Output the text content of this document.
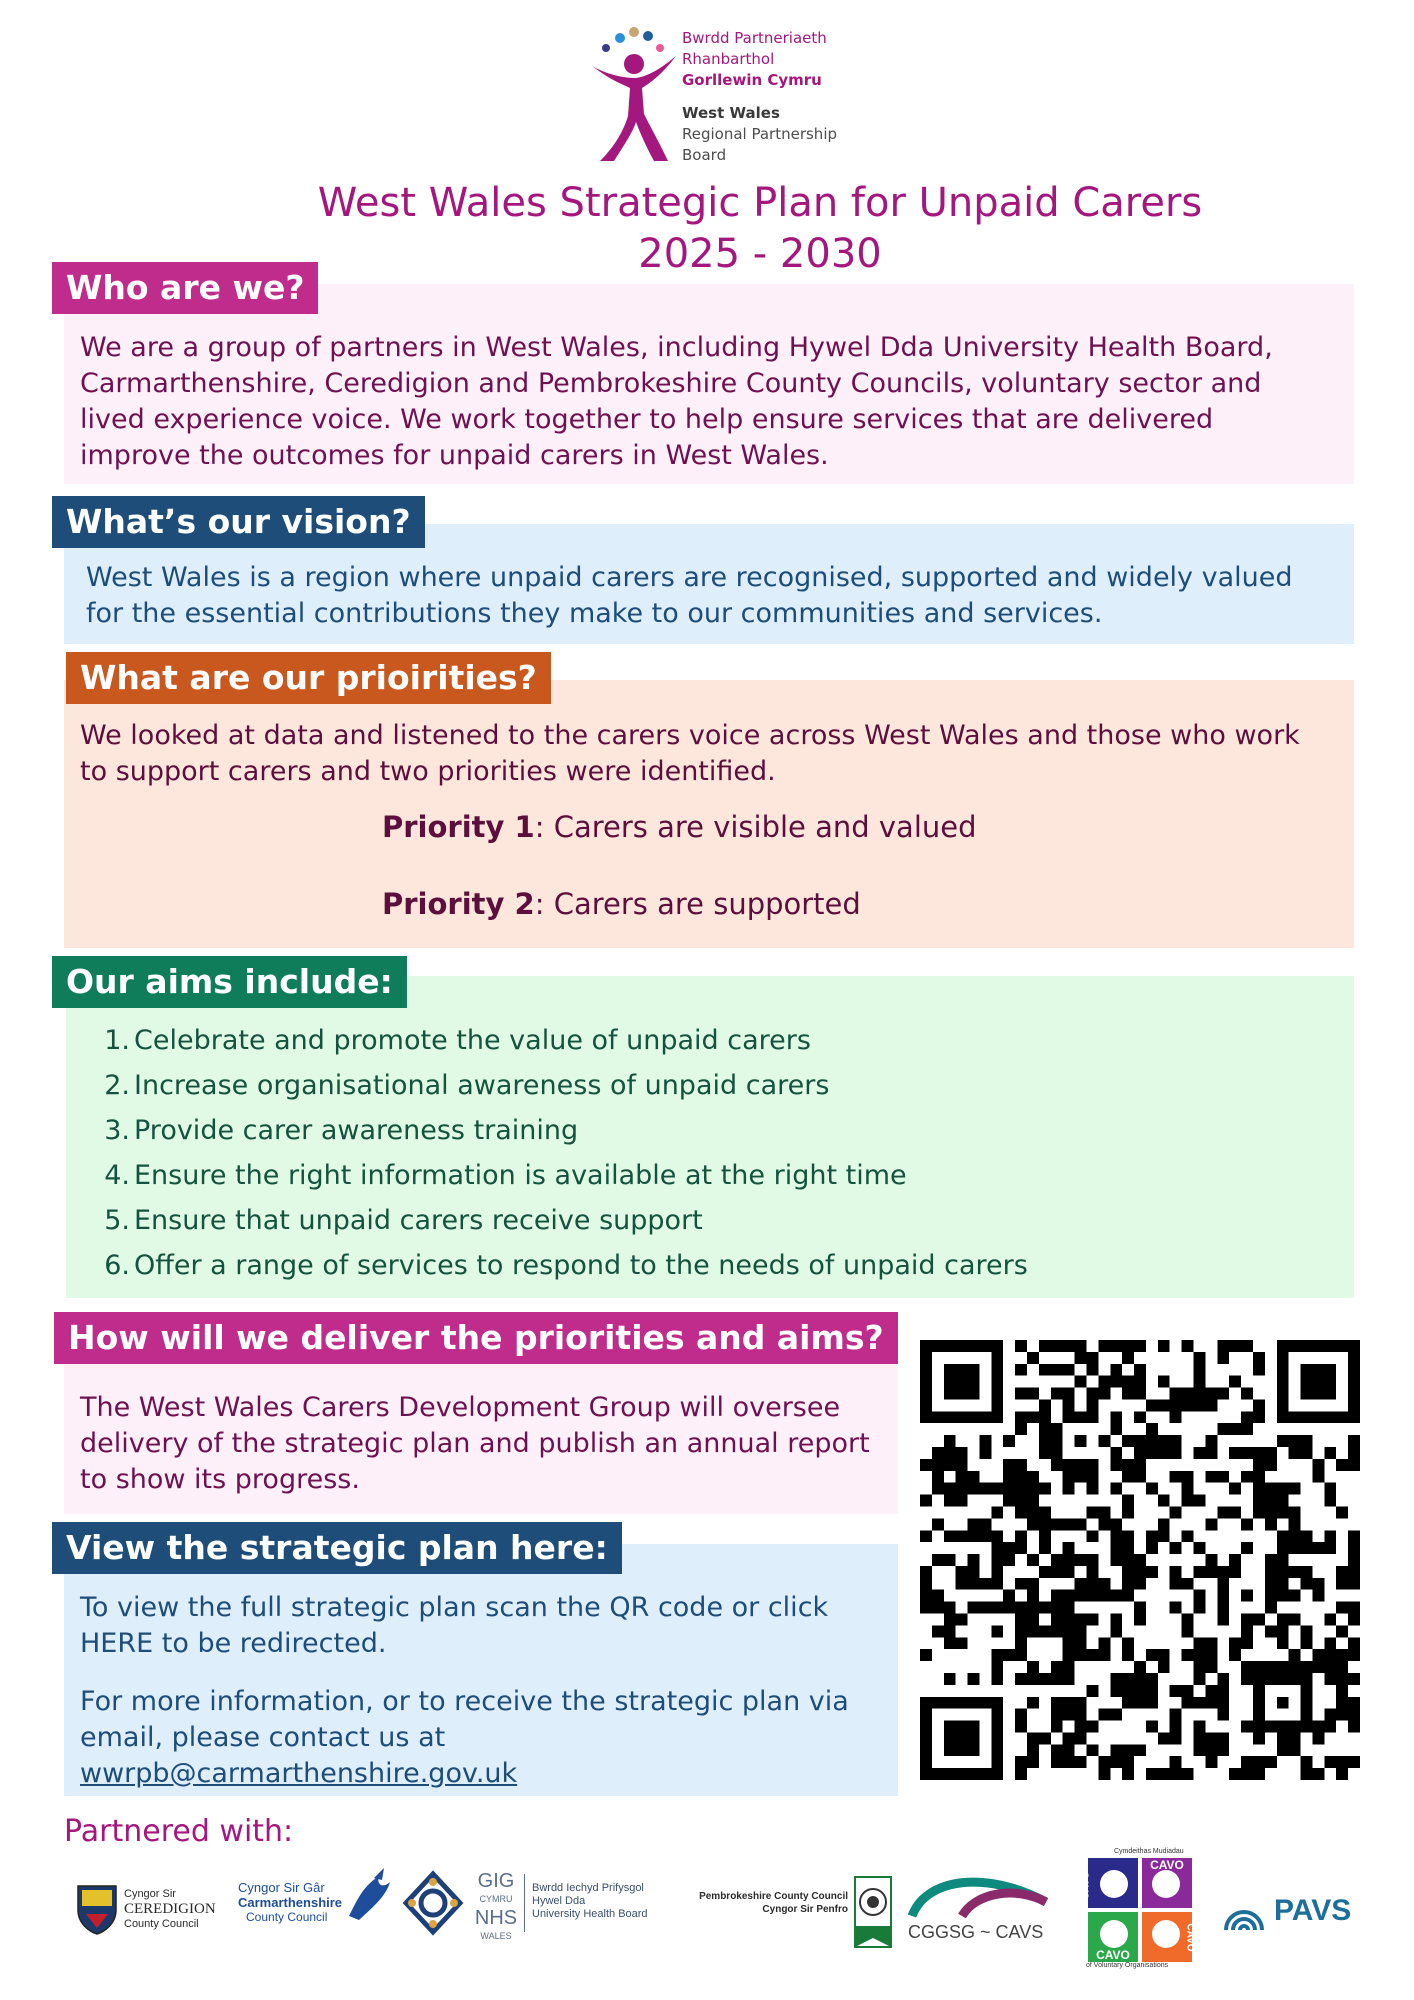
Bwrdd Partneriaeth
Rhanbarthol
Gorllewin Cymru
West Wales
Regional Partnership
Board
West Wales Strategic Plan for Unpaid Carers
2025 - 2030
Who are we?
We are a group of partners in West Wales, including Hywel Dda University Health Board,
Carmarthenshire, Ceredigion and Pembrokeshire County Councils, voluntary sector and
lived experience voice. We work together to help ensure services that are delivered
improve the outcomes for unpaid carers in West Wales.
What’s our vision?
West Wales is a region where unpaid carers are recognised, supported and widely valued
for the essential contributions they make to our communities and services.
What are our prioirities?
We looked at data and listened to the carers voice across West Wales and those who work
to support carers and two priorities were identified.
Priority 1: Carers are visible and valued
Priority 2: Carers are supported
Our aims include:
1. Celebrate and promote the value of unpaid carers
2. Increase organisational awareness of unpaid carers
3. Provide carer awareness training
4. Ensure the right information is available at the right time
5. Ensure that unpaid carers receive support
6. Offer a range of services to respond to the needs of unpaid carers
How will we deliver the priorities and aims?
The West Wales Carers Development Group will oversee
delivery of the strategic plan and publish an annual report
to show its progress.
View the strategic plan here:
To view the full strategic plan scan the QR code or click
HERE to be redirected.
For more information, or to receive the strategic plan via
email, please contact us at
wwrpb@carmarthenshire.gov.uk
Partnered with:
Cyngor Sir
CEREDIGION
County Council
Cyngor Sir Gâr
Carmarthenshire
County Council
GIG
CYMRU
NHS
WALES
Bwrdd Iechyd Prifysgol
Hywel Dda
University Health Board
Pembrokeshire County Council
Cyngor Sir Penfro
CGGSG ~ CAVS
CAVO
CAVO
CAVO
CAVO
Cymdeithas Mudiadau
of Voluntary Organisations
PAVS
